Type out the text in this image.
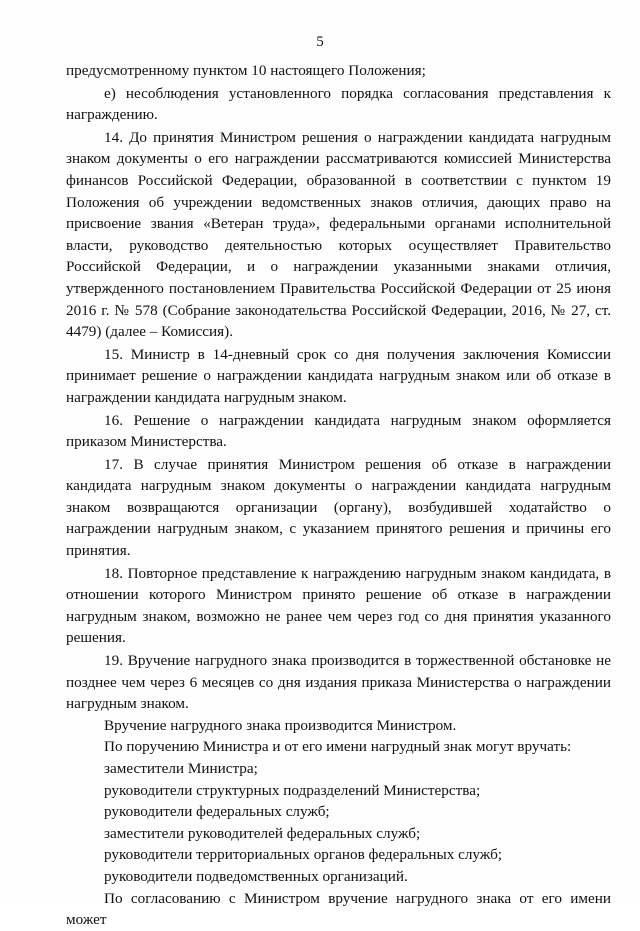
5

предусмотренному пунктом 10 настоящего Положения;

е) несоблюдения установленного порядка согласования представления к награждению.

14. До принятия Министром решения о награждении кандидата нагрудным знаком документы о его награждении рассматриваются комиссией Министерства финансов Российской Федерации, образованной в соответствии с пунктом 19 Положения об учреждении ведомственных знаков отличия, дающих право на присвоение звания «Ветеран труда», федеральными органами исполнительной власти, руководство деятельностью которых осуществляет Правительство Российской Федерации, и о награждении указанными знаками отличия, утвержденного постановлением Правительства Российской Федерации от 25 июня 2016 г. № 578 (Собрание законодательства Российской Федерации, 2016, № 27, ст. 4479) (далее – Комиссия).

15. Министр в 14-дневный срок со дня получения заключения Комиссии принимает решение о награждении кандидата нагрудным знаком или об отказе в награждении кандидата нагрудным знаком.

16. Решение о награждении кандидата нагрудным знаком оформляется приказом Министерства.

17. В случае принятия Министром решения об отказе в награждении кандидата нагрудным знаком документы о награждении кандидата нагрудным знаком возвращаются организации (органу), возбудившей ходатайство о награждении нагрудным знаком, с указанием принятого решения и причины его принятия.

18. Повторное представление к награждению нагрудным знаком кандидата, в отношении которого Министром принято решение об отказе в награждении нагрудным знаком, возможно не ранее чем через год со дня принятия указанного решения.

19. Вручение нагрудного знака производится в торжественной обстановке не позднее чем через 6 месяцев со дня издания приказа Министерства о награждении нагрудным знаком.

Вручение нагрудного знака производится Министром.

По поручению Министра и от его имени нагрудный знак могут вручать:

заместители Министра;

руководители структурных подразделений Министерства;

руководители федеральных служб;

заместители руководителей федеральных служб;

руководители территориальных органов федеральных служб;

руководители подведомственных организаций.

По согласованию с Министром вручение нагрудного знака от его имени может
